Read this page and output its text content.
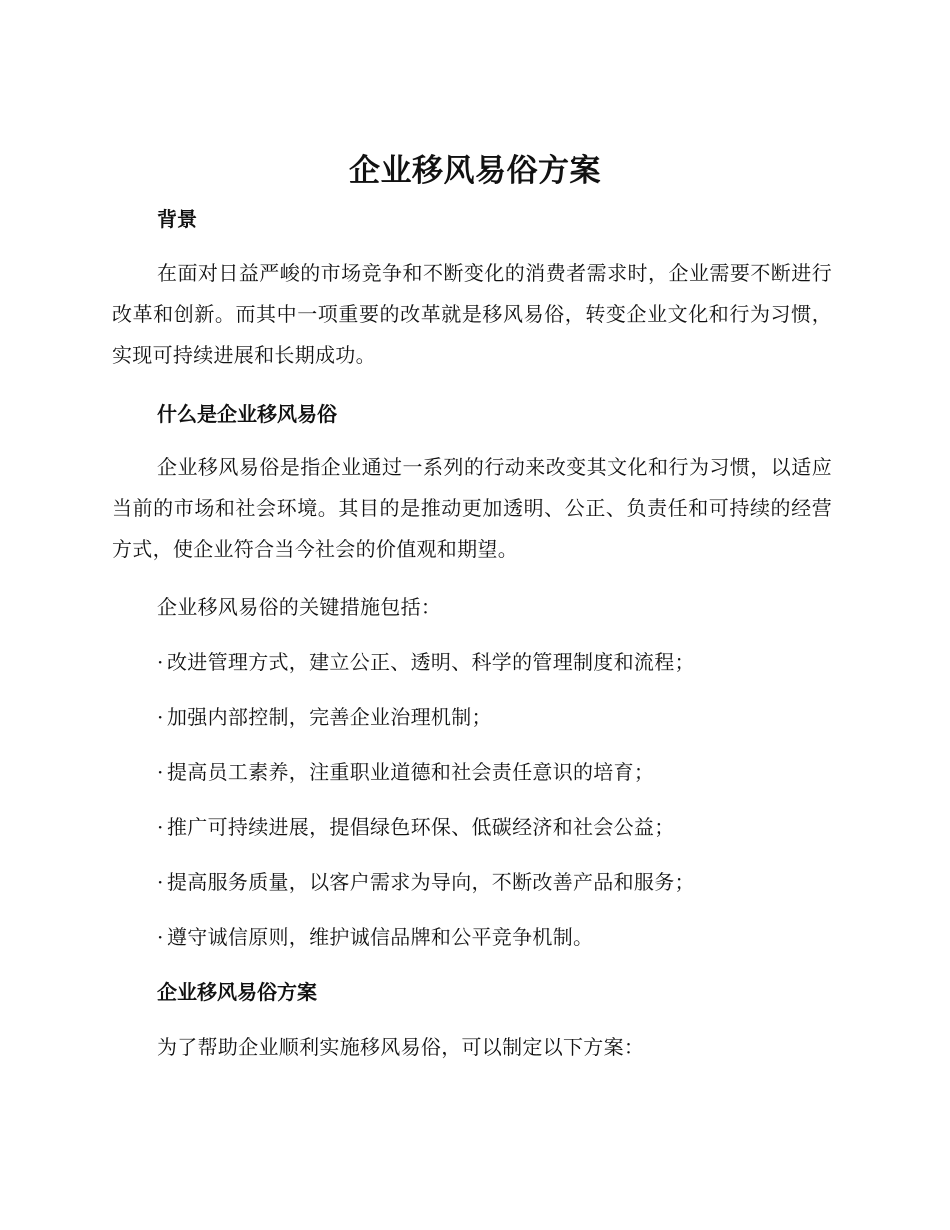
企业移风易俗方案
背景

在面对日益严峻的市场竞争和不断变化的消费者需求时，企业需要不断进行改革和创新。而其中一项重要的改革就是移风易俗，转变企业文化和行为习惯，实现可持续进展和长期成功。

什么是企业移风易俗

企业移风易俗是指企业通过一系列的行动来改变其文化和行为习惯，以适应当前的市场和社会环境。其目的是推动更加透明、公正、负责任和可持续的经营方式，使企业符合当今社会的价值观和期望。

企业移风易俗的关键措施包括：

· 改进管理方式，建立公正、透明、科学的管理制度和流程；

· 加强内部控制，完善企业治理机制；

· 提高员工素养，注重职业道德和社会责任意识的培育；

· 推广可持续进展，提倡绿色环保、低碳经济和社会公益；

· 提高服务质量，以客户需求为导向，不断改善产品和服务；

· 遵守诚信原则，维护诚信品牌和公平竞争机制。

企业移风易俗方案

为了帮助企业顺利实施移风易俗，可以制定以下方案：
